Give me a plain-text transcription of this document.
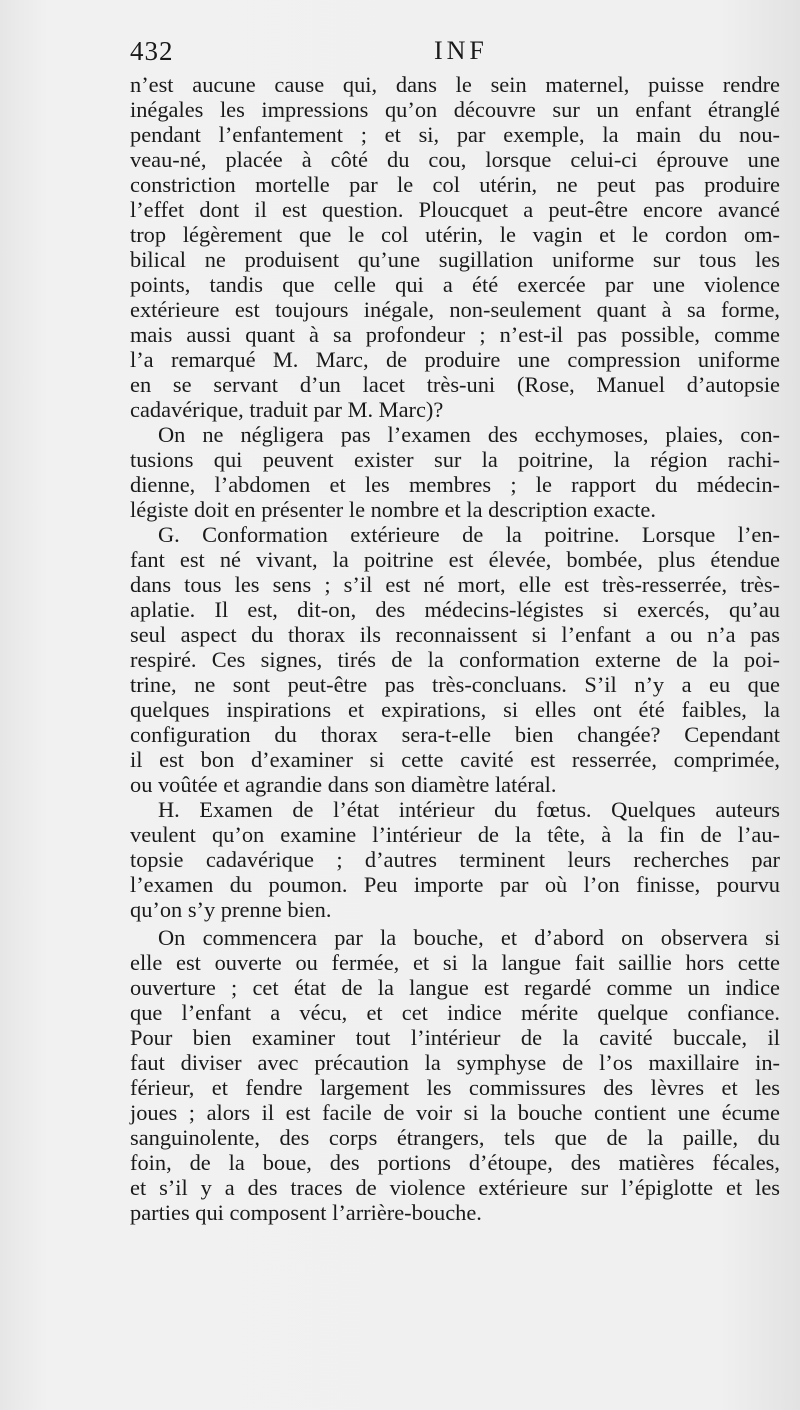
432	INF
n’est aucune cause qui, dans le sein maternel, puisse rendre
inégales les impressions qu’on découvre sur un enfant étranglé
pendant l’enfantement ; et si, par exemple, la main du nou-
veau-né, placée à côté du cou, lorsque celui-ci éprouve une
constriction mortelle par le col utérin, ne peut pas produire
l’effet dont il est question. Ploucquet a peut-être encore avancé
trop légèrement que le col utérin, le vagin et le cordon om-
bilical ne produisent qu’une sugillation uniforme sur tous les
points, tandis que celle qui a été exercée par une violence
extérieure est toujours inégale, non-seulement quant à sa forme,
mais aussi quant à sa profondeur ; n’est-il pas possible, comme
l’a remarqué M. Marc, de produire une compression uniforme
en se servant d’un lacet très-uni (Rose, Manuel d’autopsie
cadavérique, traduit par M. Marc)?
On ne négligera pas l’examen des ecchymoses, plaies, con-
tusions qui peuvent exister sur la poitrine, la région rachi-
dienne, l’abdomen et les membres ; le rapport du médecin-
légiste doit en présenter le nombre et la description exacte.
G. Conformation extérieure de la poitrine. Lorsque l’en-
fant est né vivant, la poitrine est élevée, bombée, plus étendue
dans tous les sens ; s’il est né mort, elle est très-resserrée, très-
aplatie. Il est, dit-on, des médecins-légistes si exercés, qu’au
seul aspect du thorax ils reconnaissent si l’enfant a ou n’a pas
respiré. Ces signes, tirés de la conformation externe de la poi-
trine, ne sont peut-être pas très-concluans. S’il n’y a eu que
quelques inspirations et expirations, si elles ont été faibles, la
configuration du thorax sera-t-elle bien changée? Cependant
il est bon d’examiner si cette cavité est resserrée, comprimée,
ou voûtée et agrandie dans son diamètre latéral.
H. Examen de l’état intérieur du fœtus. Quelques auteurs
veulent qu’on examine l’intérieur de la tête, à la fin de l’au-
topsie cadavérique ; d’autres terminent leurs recherches par
l’examen du poumon. Peu importe par où l’on finisse, pourvu
qu’on s’y prenne bien.
On commencera par la bouche, et d’abord on observera si
elle est ouverte ou fermée, et si la langue fait saillie hors cette
ouverture ; cet état de la langue est regardé comme un indice
que l’enfant a vécu, et cet indice mérite quelque confiance.
Pour bien examiner tout l’intérieur de la cavité buccale, il
faut diviser avec précaution la symphyse de l’os maxillaire in-
férieur, et fendre largement les commissures des lèvres et les
joues ; alors il est facile de voir si la bouche contient une écume
sanguinolente, des corps étrangers, tels que de la paille, du
foin, de la boue, des portions d’étoupe, des matières fécales,
et s’il y a des traces de violence extérieure sur l’épiglotte et les
parties qui composent l’arrière-bouche.
